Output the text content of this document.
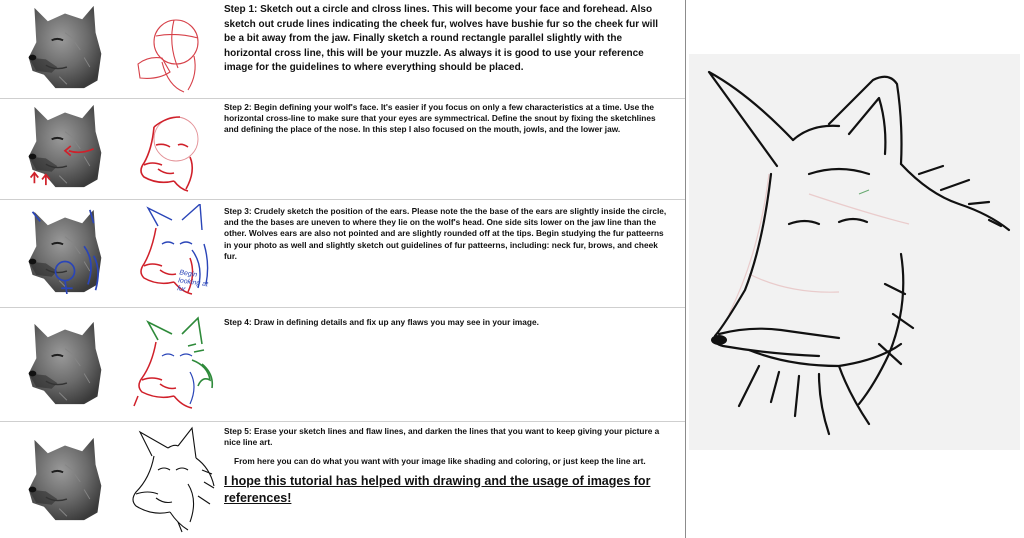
Step 1: Sketch out a circle and clross lines. This will become your face and forehead. Also sketch out crude lines indicating the cheek fur, wolves have bushie fur so the cheek fur will be a bit away from the jaw. Finally sketch a round rectangle parallel slightly with the horizontal cross line, this will be your muzzle. As always it is good to use your reference image for the guidelines to where everything should be placed.
Step 2: Begin defining your wolf's face. It's easier if you focus on only a few characteristics at a time. Use the horizontal cross-line to make sure that your eyes are symmectrical. Define the snout by fixing the sketchlines and defining the place of the nose. In this step I also focused on the mouth, jowls, and the lower jaw.
Begin looking at fur
Step 3: Crudely sketch the position of the ears. Please note the the base of the ears are slightly inside the circle, and the the bases are uneven to where they lie on the wolf's head. One side sits lower on the jaw line than the other. Wolves ears are also not pointed and are slightly rounded off at the tips. Begin studying the fur patteerns in your photo as well and slightly sketch out guidelines of fur patteerns, including: neck fur, brows, and cheek fur.
Step 4: Draw in defining details and fix up any flaws you may see in your image.

Step 5: Erase your sketch lines and flaw lines, and darken the lines that you want to keep giving your picture a nice line art.

From here you can do what you want with your image like shading and coloring, or just keep the line art.

I hope this tutorial has helped with drawing and the usage of images for references!
